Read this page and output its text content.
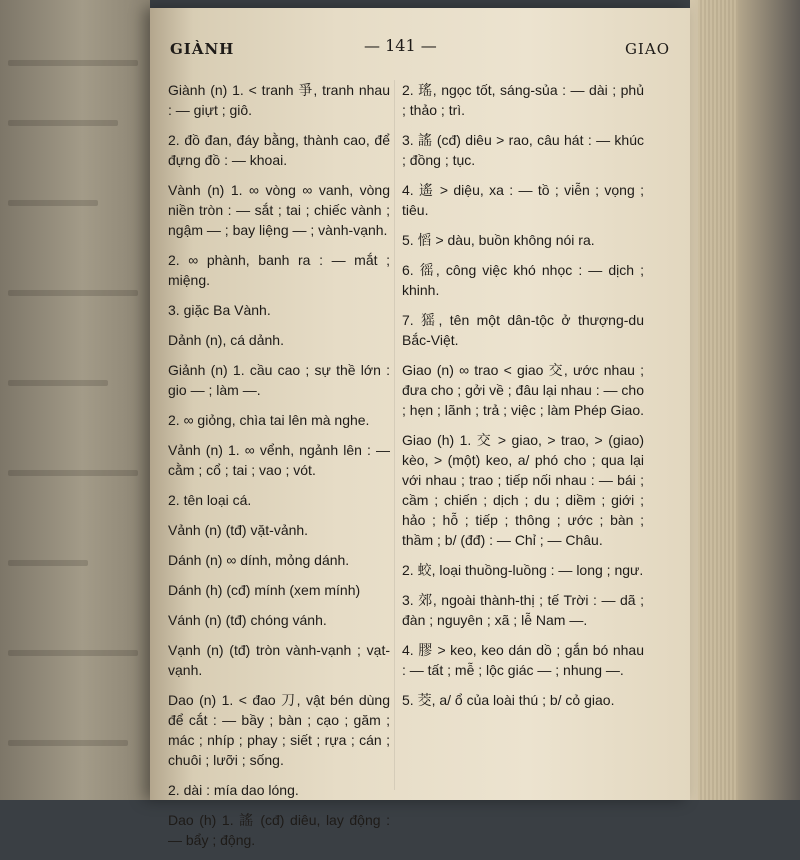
GIÀNH	— 141 —	GIAO

Giành (n) 1. < tranh 爭, tranh nhau : — giựt ; giô.

2. đồ đan, đáy bằng, thành cao, để đựng đồ : — khoai.

Vành (n) 1. ∞ vòng ∞ vanh, vòng niền tròn : — sắt ; tai ; chiếc vành ; ngậm — ; bay liệng — ; vành-vạnh.

2. ∞ phành, banh ra : — mắt ; miệng.

3. giặc Ba Vành.

Dảnh (n), cá dảnh.

Giảnh (n) 1. cầu cao ; sự thề lớn : gio — ; làm —.

2. ∞ giỏng, chìa tai lên mà nghe.

Vảnh (n) 1. ∞ vểnh, ngảnh lên : — cằm ; cổ ; tai ; vao ; vót.

2. tên loại cá.

Vảnh (n) (tđ) vặt-vảnh.

Dánh (n) ∞ dính, mỏng dánh.

Dánh (h) (cđ) mính (xem mính)

Vánh (n) (tđ) chóng vánh.

Vạnh (n) (tđ) tròn vành-vạnh ; vạt-vạnh.

Dao (n) 1. < đao 刀, vật bén dùng để cắt : — bầy ; bàn ; cạo ; găm ; mác ; nhíp ; phay ; siết ; rựa ; cán ; chuôi ; lưỡi ; sống.

2. dài : mía dao lóng.

Dao (h) 1. 謠 (cđ) diêu, lay động : — bẩy ; động.

2. 瑤, ngọc tốt, sáng-sủa : — dài ; phủ ; thảo ; trì.

3. 謠 (cđ) diêu > rao, câu hát : — khúc ; đồng ; tục.

4. 遙 > diệu, xa : — tồ ; viễn ; vọng ; tiêu.

5. 慆 > dàu, buồn không nói ra.

6. 徭, công việc khó nhọc : — dịch ; khinh.

7. 猺, tên một dân-tộc ở thượng-du Bắc-Việt.

Giao (n) ∞ trao < giao 交, ước nhau ; đưa cho ; gởi về ; đâu lại nhau : — cho ; hẹn ; lãnh ; trả ; việc ; làm Phép Giao.

Giao (h) 1. 交 > giao, > trao, > (giao) kèo, > (một) keo, a/ phó cho ; qua lại với nhau ; trao ; tiếp nối nhau : — bái ; cầm ; chiến ; dịch ; du ; diềm ; giới ; hảo ; hỗ ; tiếp ; thông ; ước ; bàn ; thầm ; b/ (đđ) : — Chỉ ; — Châu.

2. 蛟, loại thuồng-luồng : — long ; ngư.

3. 郊, ngoài thành-thị ; tế Trời : — dã ; đàn ; nguyên ; xã ; lễ Nam —.

4. 膠 > keo, keo dán dồ ; gắn bó nhau : — tất ; mễ ; lộc giác — ; nhung —.

5. 茭, a/ ổ của loài thú ; b/ cỏ giao.
